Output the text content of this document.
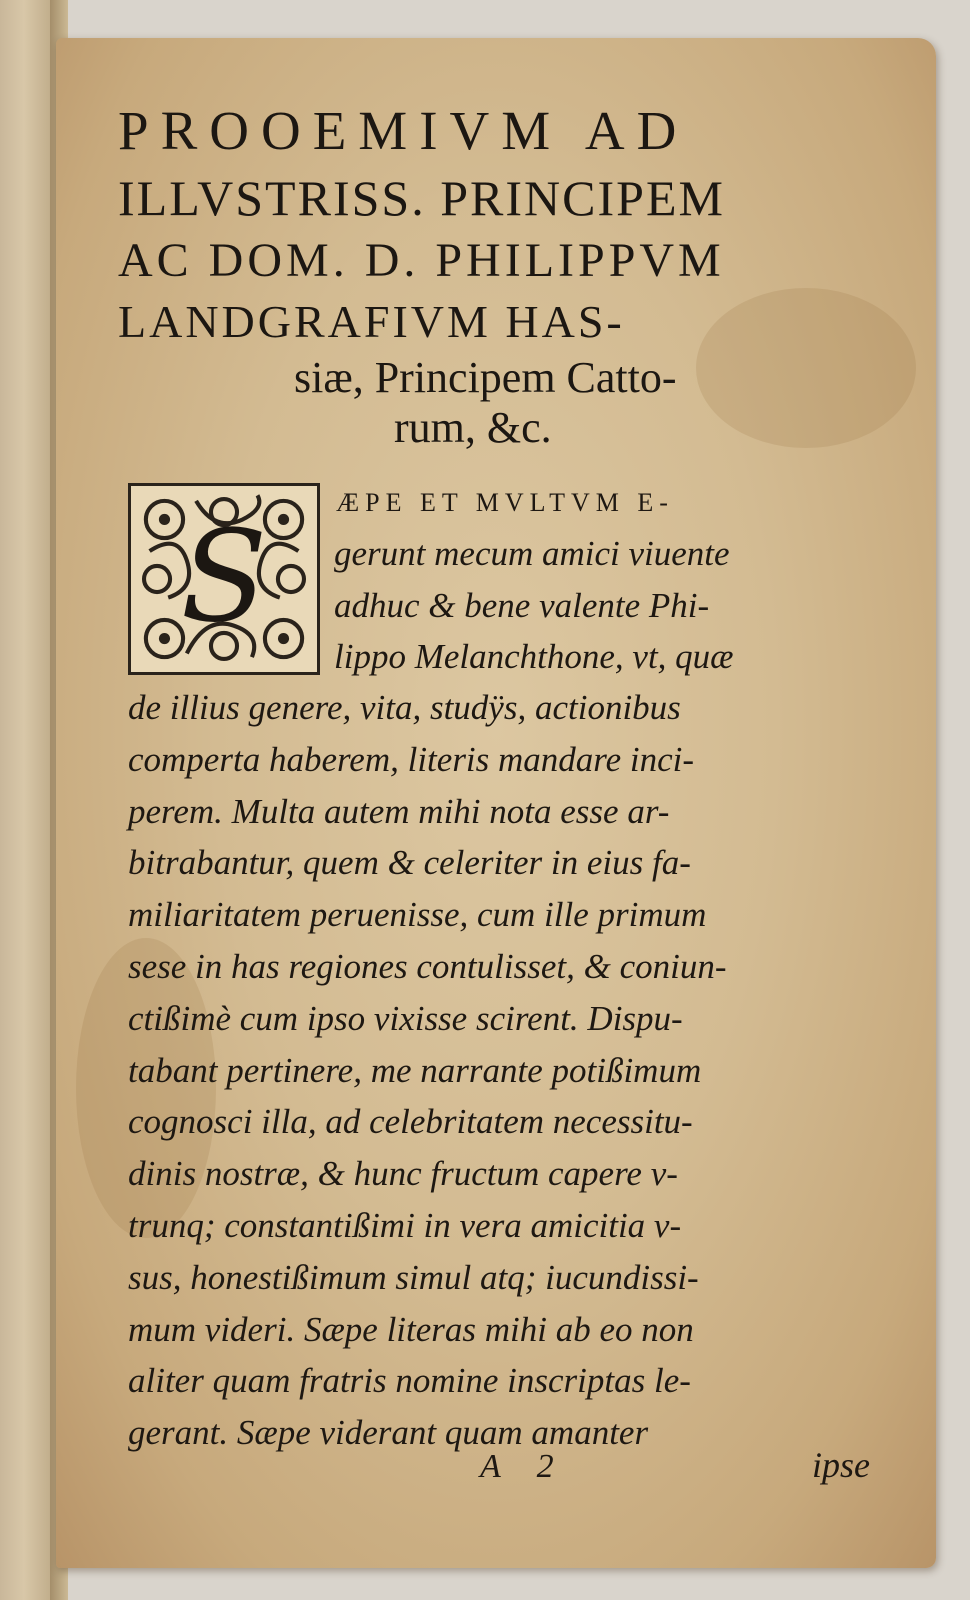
PROOEMIVM AD
ILLVSTRISS. PRINCIPEM
AC DOM. D. PHILIPPVM
LANDGRAFIVM HAS-
siæ, Principem Catto-
rum, &c.
S
ÆPE ET MVLTVM E-
gerunt mecum amici viuente
adhuc & bene valente Phi-
lippo Melanchthone, vt, quæ
de illius genere, vita, studÿs, actionibus
comperta haberem, literis mandare inci-
perem. Multa autem mihi nota esse ar-
bitrabantur, quem & celeriter in eius fa-
miliaritatem peruenisse, cum ille primum
sese in has regiones contulisset, & coniun-
ctißimè cum ipso vixisse scirent. Dispu-
tabant pertinere, me narrante potißimum
cognosci illa, ad celebritatem necessitu-
dinis nostræ, & hunc fructum capere v-
trunq; constantißimi in vera amicitia v-
sus, honestißimum simul atq; iucundissi-
mum videri. Sæpe literas mihi ab eo non
aliter quam fratris nomine inscriptas le-
gerant. Sæpe viderant quam amanter
A 2	ipse
